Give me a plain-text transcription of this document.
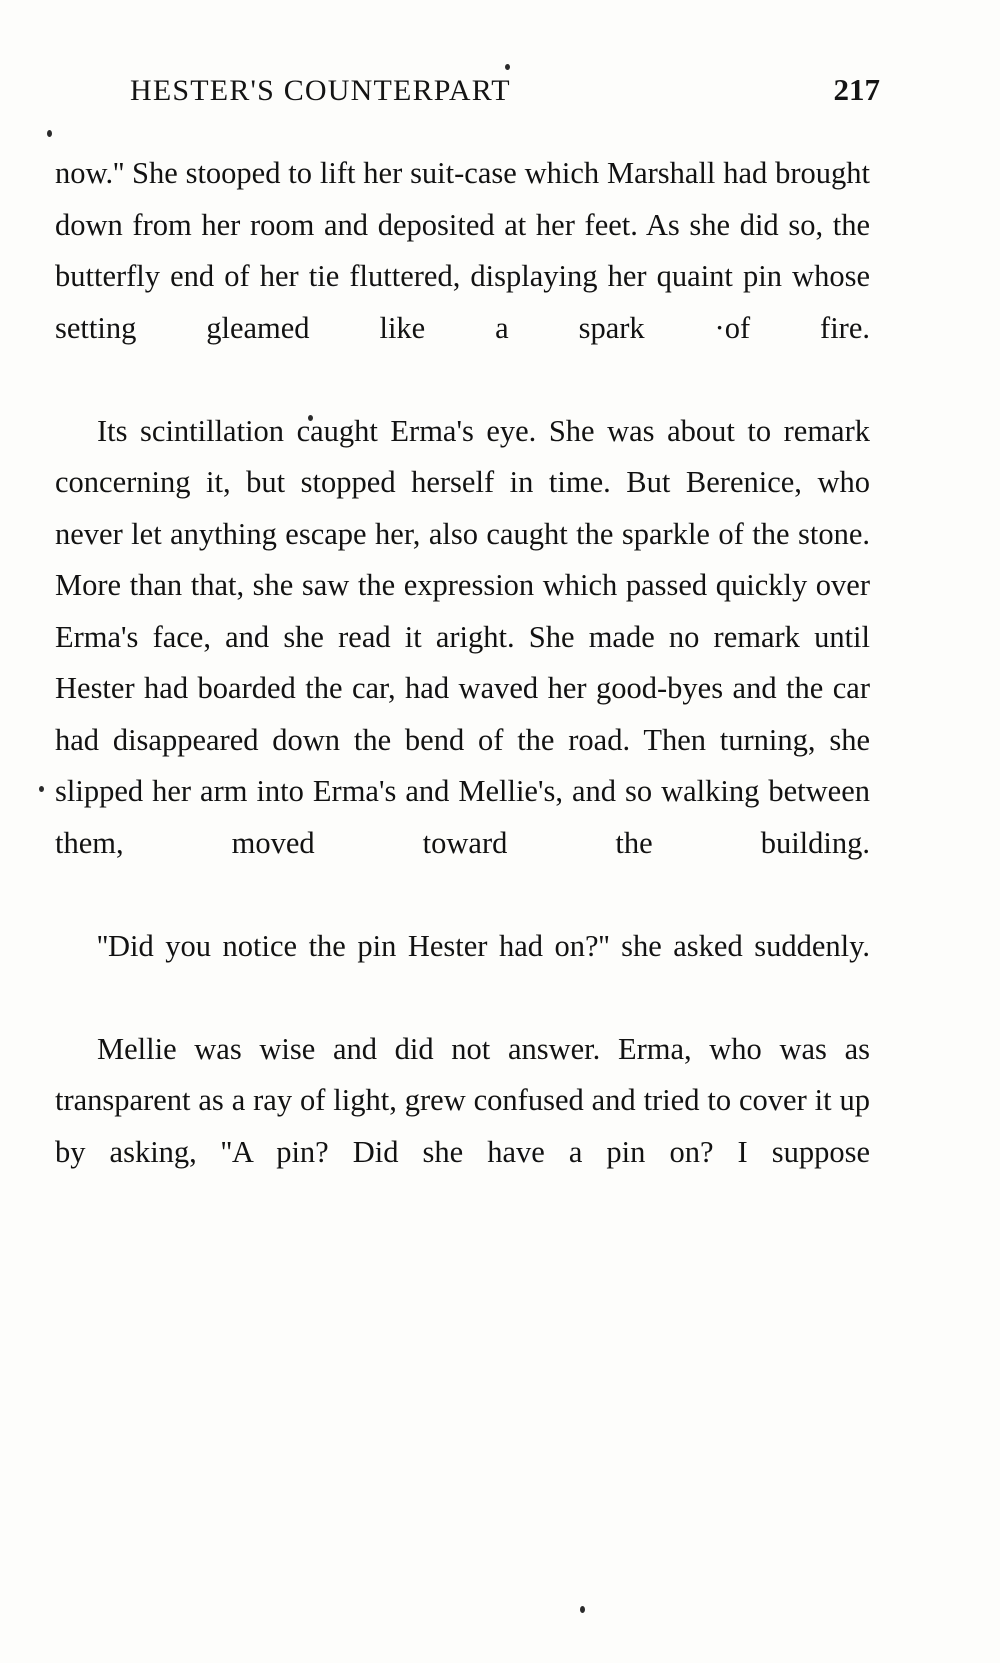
HESTER'S COUNTERPART	217

now.'' She stooped to lift her suit-case which Marshall had brought down from her room and deposited at her feet. As she did so, the butterfly end of her tie fluttered, displaying her quaint pin whose setting gleamed like a spark ·of fire.

Its scintillation caught Erma's eye. She was about to remark concerning it, but stopped herself in time. But Berenice, who never let anything escape her, also caught the sparkle of the stone. More than that, she saw the expression which passed quickly over Erma's face, and she read it aright. She made no remark until Hester had boarded the car, had waved her good-byes and the car had disappeared down the bend of the road. Then turning, she slipped her arm into Erma's and Mellie's, and so walking between them, moved toward the building.

''Did you notice the pin Hester had on?'' she asked suddenly.

Mellie was wise and did not answer. Erma, who was as transparent as a ray of light, grew confused and tried to cover it up by asking, ''A pin? Did she have a pin on? I suppose
